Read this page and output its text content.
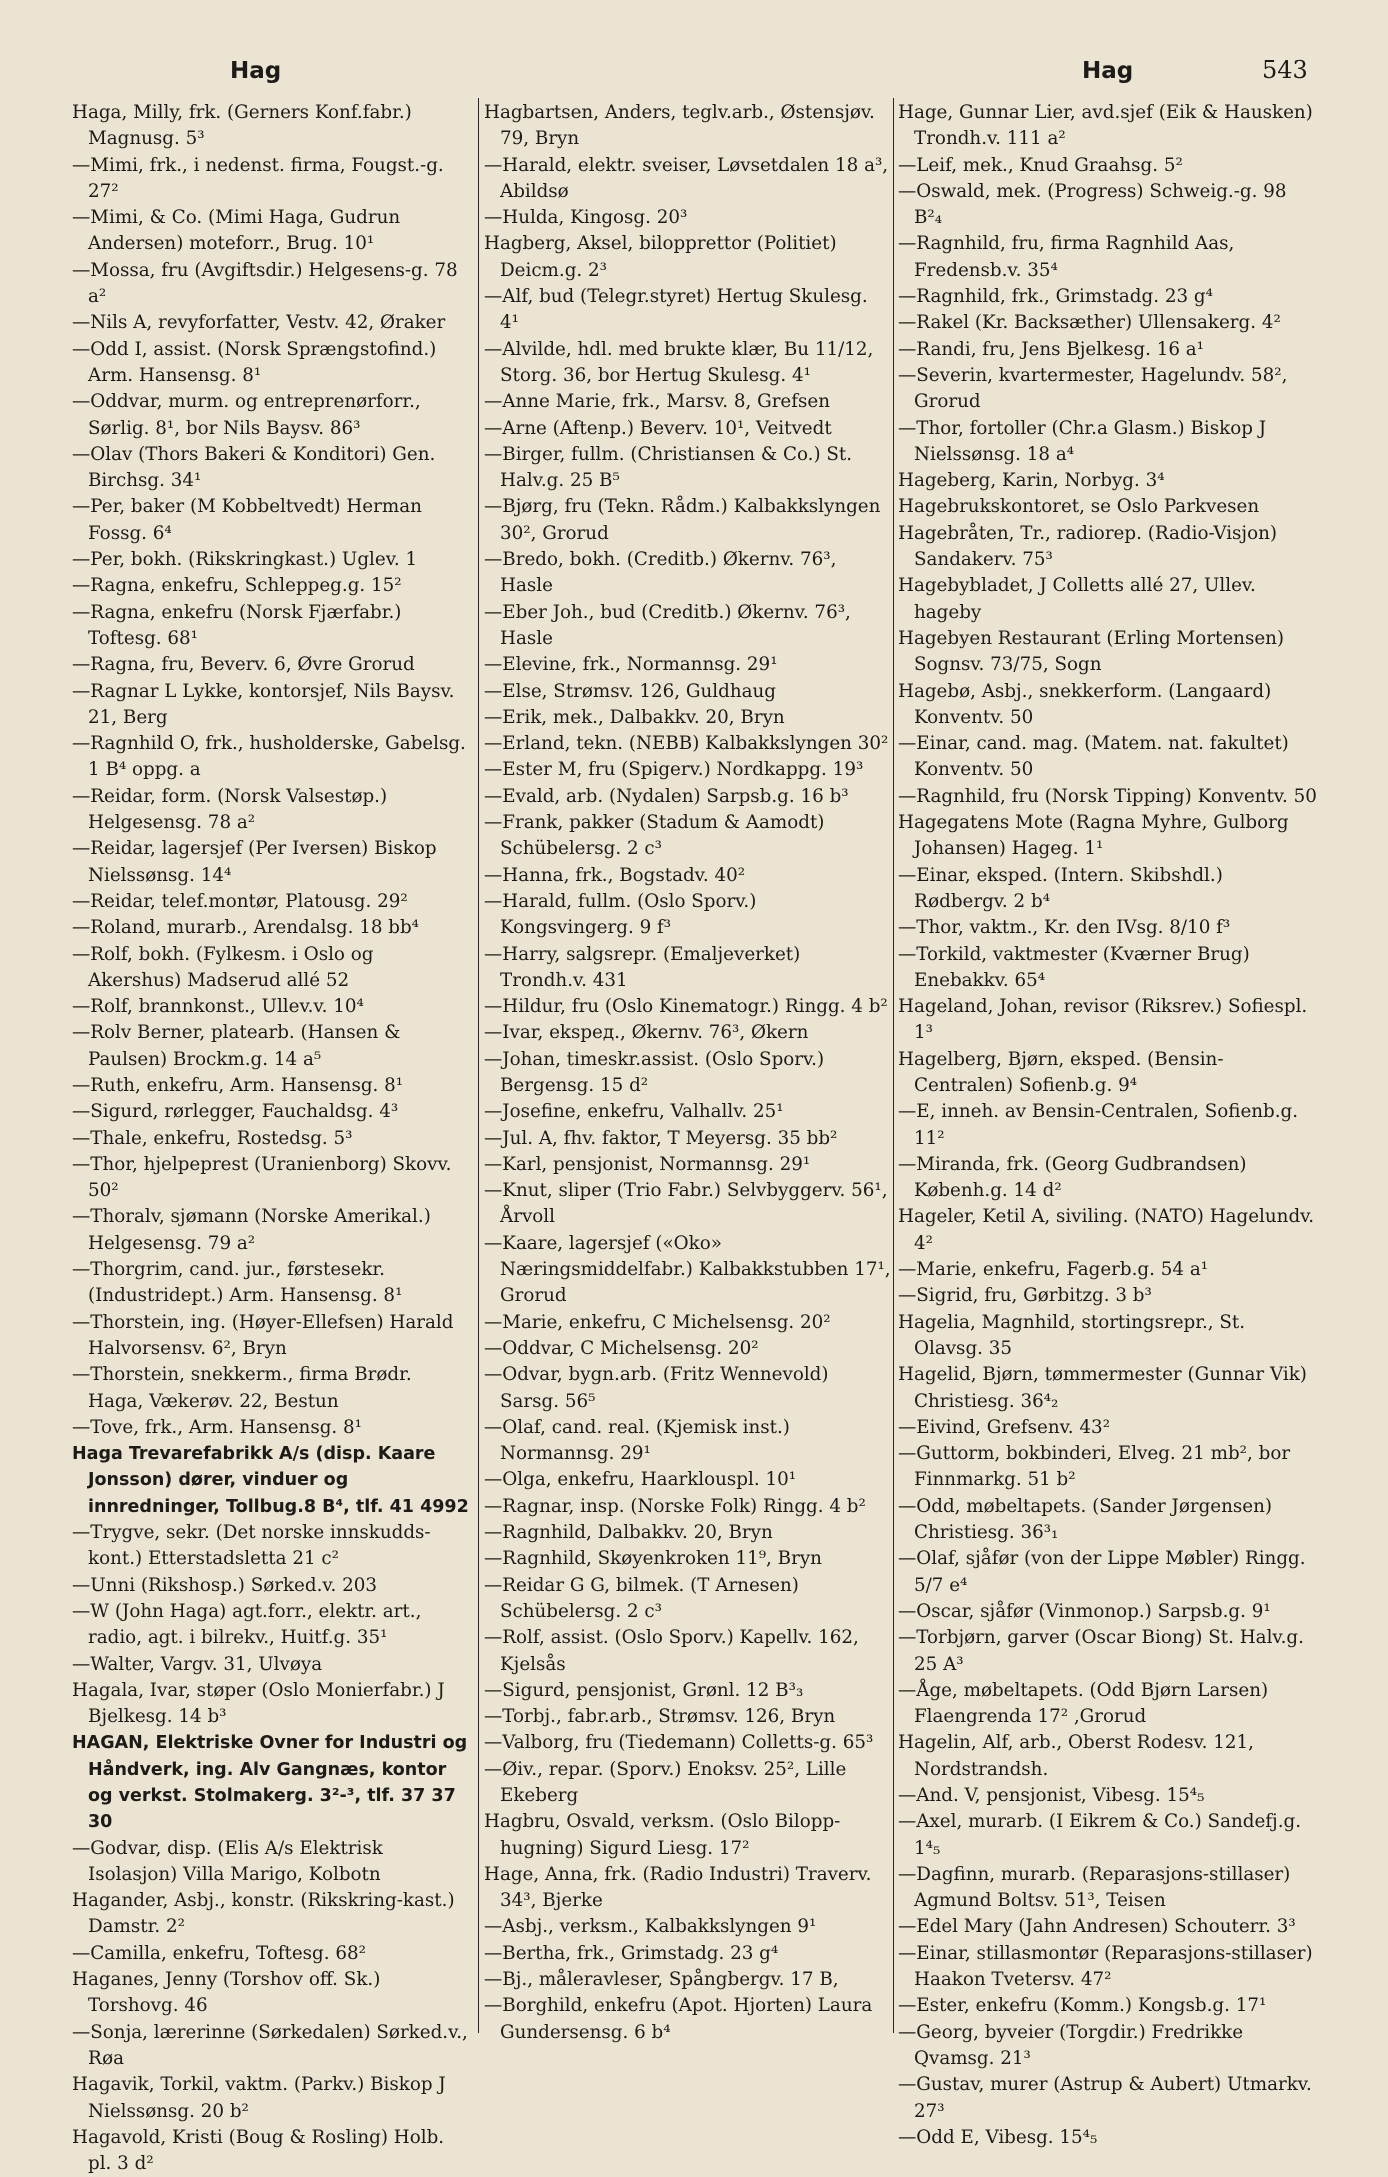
Hag	Hag	543
Haga, Milly, frk. (Gerners Konf.fabr.) Magnusg. 5³
—Mimi, frk., i nedenst. firma, Fougst.-g. 27²
—Mimi, & Co. (Mimi Haga, Gudrun Andersen) moteforr., Brug. 10¹
—Mossa, fru (Avgiftsdir.) Helgesens-g. 78 a²
—Nils A, revyforfatter, Vestv. 42, Øraker
—Odd I, assist. (Norsk Sprængstofind.) Arm. Hansensg. 8¹
—Oddvar, murm. og entreprenørforr., Sørlig. 8¹, bor Nils Baysv. 86³
—Olav (Thors Bakeri & Konditori) Gen. Birchsg. 34¹
—Per, baker (M Kobbeltvedt) Herman Fossg. 6⁴
—Per, bokh. (Rikskringkast.) Uglev. 1
—Ragna, enkefru, Schleppeg.g. 15²
—Ragna, enkefru (Norsk Fjærfabr.) Toftesg. 68¹
—Ragna, fru, Beverv. 6, Øvre Grorud
—Ragnar L Lykke, kontorsjef, Nils Baysv. 21, Berg
—Ragnhild O, frk., husholderske, Gabelsg. 1 B⁴ oppg. a
—Reidar, form. (Norsk Valsestøp.) Helgesensg. 78 a²
—Reidar, lagersjef (Per Iversen) Biskop Nielssønsg. 14⁴
—Reidar, telef.montør, Platousg. 29²
—Roland, murarb., Arendalsg. 18 bb⁴
—Rolf, bokh. (Fylkesm. i Oslo og Akershus) Madserud allé 52
—Rolf, brannkonst., Ullev.v. 10⁴
—Rolv Berner, platearb. (Hansen & Paulsen) Brockm.g. 14 a⁵
—Ruth, enkefru, Arm. Hansensg. 8¹
—Sigurd, rørlegger, Fauchaldsg. 4³
—Thale, enkefru, Rostedsg. 5³
—Thor, hjelpeprest (Uranienborg) Skovv. 50²
—Thoralv, sjømann (Norske Amerikal.) Helgesensg. 79 a²
—Thorgrim, cand. jur., førstesekr. (Industridept.) Arm. Hansensg. 8¹
—Thorstein, ing. (Høyer-Ellefsen) Harald Halvorsensv. 6², Bryn
—Thorstein, snekkerm., firma Brødr. Haga, Vækerøv. 22, Bestun
—Tove, frk., Arm. Hansensg. 8¹
Haga Trevarefabrikk A/s (disp. Kaare Jonsson) dører, vinduer og innredninger, Tollbug.8 B⁴, tlf. 41 4992
—Trygve, sekr. (Det norske innskudds-kont.) Etterstadsletta 21 c²
—Unni (Rikshosp.) Sørked.v. 203
—W (John Haga) agt.forr., elektr. art., radio, agt. i bilrekv., Huitf.g. 35¹
—Walter, Vargv. 31, Ulvøya
Hagala, Ivar, støper (Oslo Monierfabr.) J Bjelkesg. 14 b³
HAGAN, Elektriske Ovner for Industri og Håndverk, ing. Alv Gangnæs, kontor og verkst. Stolmakerg. 3²-³, tlf. 37 37 30
—Godvar, disp. (Elis A/s Elektrisk Isolasjon) Villa Marigo, Kolbotn
Hagander, Asbj., konstr. (Rikskring-kast.) Damstr. 2²
—Camilla, enkefru, Toftesg. 68²
Haganes, Jenny (Torshov off. Sk.) Torshovg. 46
—Sonja, lærerinne (Sørkedalen) Sørked.v., Røa
Hagavik, Torkil, vaktm. (Parkv.) Biskop J Nielssønsg. 20 b²
Hagavold, Kristi (Boug & Rosling) Holb. pl. 3 d²
Hagbartsen, Anders, teglv.arb., Østensjøv. 79, Bryn
—Harald, elektr. sveiser, Løvsetdalen 18 a³, Abildsø
—Hulda, Kingosg. 20³
Hagberg, Aksel, bilopprettor (Politiet) Deicm.g. 2³
—Alf, bud (Telegr.styret) Hertug Skulesg. 4¹
—Alvilde, hdl. med brukte klær, Bu 11/12, Storg. 36, bor Hertug Skulesg. 4¹
—Anne Marie, frk., Marsv. 8, Grefsen
—Arne (Aftenp.) Beverv. 10¹, Veitvedt
—Birger, fullm. (Christiansen & Co.) St. Halv.g. 25 B⁵
—Bjørg, fru (Tekn. Rådm.) Kalbakkslyngen 30², Grorud
—Bredo, bokh. (Creditb.) Økernv. 76³, Hasle
—Eber Joh., bud (Creditb.) Økernv. 76³, Hasle
—Elevine, frk., Normannsg. 29¹
—Else, Strømsv. 126, Guldhaug
—Erik, mek., Dalbakkv. 20, Bryn
—Erland, tekn. (NEBB) Kalbakkslyngen 30²
—Ester M, fru (Spigerv.) Nordkappg. 19³
—Evald, arb. (Nydalen) Sarpsb.g. 16 b³
—Frank, pakker (Stadum & Aamodt) Schübelersg. 2 c³
—Hanna, frk., Bogstadv. 40²
—Harald, fullm. (Oslo Sporv.) Kongsvingerg. 9 f³
—Harry, salgsrepr. (Emaljeverket) Trondh.v. 431
—Hildur, fru (Oslo Kinematogr.) Ringg. 4 b²
—Ivar, ekspeд., Økernv. 76³, Økern
—Johan, timeskr.assist. (Oslo Sporv.) Bergensg. 15 d²
—Josefine, enkefru, Valhallv. 25¹
—Jul. A, fhv. faktor, T Meyersg. 35 bb²
—Karl, pensjonist, Normannsg. 29¹
—Knut, sliper (Trio Fabr.) Selvbyggerv. 56¹, Årvoll
—Kaare, lagersjef («Oko» Næringsmiddelfabr.) Kalbakkstubben 17¹, Grorud
—Marie, enkefru, C Michelsensg. 20²
—Oddvar, C Michelsensg. 20²
—Odvar, bygn.arb. (Fritz Wennevold) Sarsg. 56⁵
—Olaf, cand. real. (Kjemisk inst.) Normannsg. 29¹
—Olga, enkefru, Haarklouspl. 10¹
—Ragnar, insp. (Norske Folk) Ringg. 4 b²
—Ragnhild, Dalbakkv. 20, Bryn
—Ragnhild, Skøyenkroken 11⁹, Bryn
—Reidar G G, bilmek. (T Arnesen) Schübelersg. 2 c³
—Rolf, assist. (Oslo Sporv.) Kapellv. 162, Kjelsås
—Sigurd, pensjonist, Grønl. 12 B³₃
—Torbj., fabr.arb., Strømsv. 126, Bryn
—Valborg, fru (Tiedemann) Colletts-g. 65³
—Øiv., repar. (Sporv.) Enoksv. 25², Lille Ekeberg
Hagbru, Osvald, verksm. (Oslo Bilopp-hugning) Sigurd Liesg. 17²
Hage, Anna, frk. (Radio Industri) Traverv. 34³, Bjerke
—Asbj., verksm., Kalbakkslyngen 9¹
—Bertha, frk., Grimstadg. 23 g⁴
—Bj., måleravleser, Spångbergv. 17 B,
—Borghild, enkefru (Apot. Hjorten) Laura Gundersensg. 6 b⁴
Hage, Gunnar Lier, avd.sjef (Eik & Hausken) Trondh.v. 111 a²
—Leif, mek., Knud Graahsg. 5²
—Oswald, mek. (Progress) Schweig.-g. 98 B²₄
—Ragnhild, fru, firma Ragnhild Aas, Fredensb.v. 35⁴
—Ragnhild, frk., Grimstadg. 23 g⁴
—Rakel (Kr. Backsæther) Ullensakerg. 4²
—Randi, fru, Jens Bjelkesg. 16 a¹
—Severin, kvartermester, Hagelundv. 58², Grorud
—Thor, fortoller (Chr.a Glasm.) Biskop J Nielssønsg. 18 a⁴
Hageberg, Karin, Norbyg. 3⁴
Hagebrukskontoret, se Oslo Parkvesen
Hagebråten, Tr., radiorep. (Radio-Visjon) Sandakerv. 75³
Hagebybladet, J Colletts allé 27, Ullev. hageby
Hagebyen Restaurant (Erling Mortensen) Sognsv. 73/75, Sogn
Hagebø, Asbj., snekkerform. (Langaard) Konventv. 50
—Einar, cand. mag. (Matem. nat. fakultet) Konventv. 50
—Ragnhild, fru (Norsk Tipping) Konventv. 50
Hagegatens Mote (Ragna Myhre, Gulborg Johansen) Hageg. 1¹
—Einar, eksped. (Intern. Skibshdl.) Rødbergv. 2 b⁴
—Thor, vaktm., Kr. den IVsg. 8/10 f³
—Torkild, vaktmester (Kværner Brug) Enebakkv. 65⁴
Hageland, Johan, revisor (Riksrev.) Sofiespl. 1³
Hagelberg, Bjørn, eksped. (Bensin-Centralen) Sofienb.g. 9⁴
—E, inneh. av Bensin-Centralen, Sofienb.g. 11²
—Miranda, frk. (Georg Gudbrandsen) Københ.g. 14 d²
Hageler, Ketil A, siviling. (NATO) Hagelundv. 4²
—Marie, enkefru, Fagerb.g. 54 a¹
—Sigrid, fru, Gørbitzg. 3 b³
Hagelia, Magnhild, stortingsrepr., St. Olavsg. 35
Hagelid, Bjørn, tømmermester (Gunnar Vik) Christiesg. 36⁴₂
—Eivind, Grefsenv. 43²
—Guttorm, bokbinderi, Elveg. 21 mb², bor Finnmarkg. 51 b²
—Odd, møbeltapets. (Sander Jørgensen) Christiesg. 36³₁
—Olaf, sjåfør (von der Lippe Møbler) Ringg. 5/7 e⁴
—Oscar, sjåfør (Vinmonop.) Sarpsb.g. 9¹
—Torbjørn, garver (Oscar Biong) St. Halv.g. 25 A³
—Åge, møbeltapets. (Odd Bjørn Larsen) Flaengrenda 17² ,Grorud
Hagelin, Alf, arb., Oberst Rodesv. 121, Nordstrandsh.
—And. V, pensjonist, Vibesg. 15⁴₅
—Axel, murarb. (I Eikrem & Co.) Sandefj.g. 1⁴₅
—Dagfinn, murarb. (Reparasjons-stillaser) Agmund Boltsv. 51³, Teisen
—Edel Mary (Jahn Andresen) Schouterr. 3³
—Einar, stillasmontør (Reparasjons-stillaser) Haakon Tvetersv. 47²
—Ester, enkefru (Komm.) Kongsb.g. 17¹
—Georg, byveier (Torgdir.) Fredrikke Qvamsg. 21³
—Gustav, murer (Astrup & Aubert) Utmarkv. 27³
—Odd E, Vibesg. 15⁴₅
